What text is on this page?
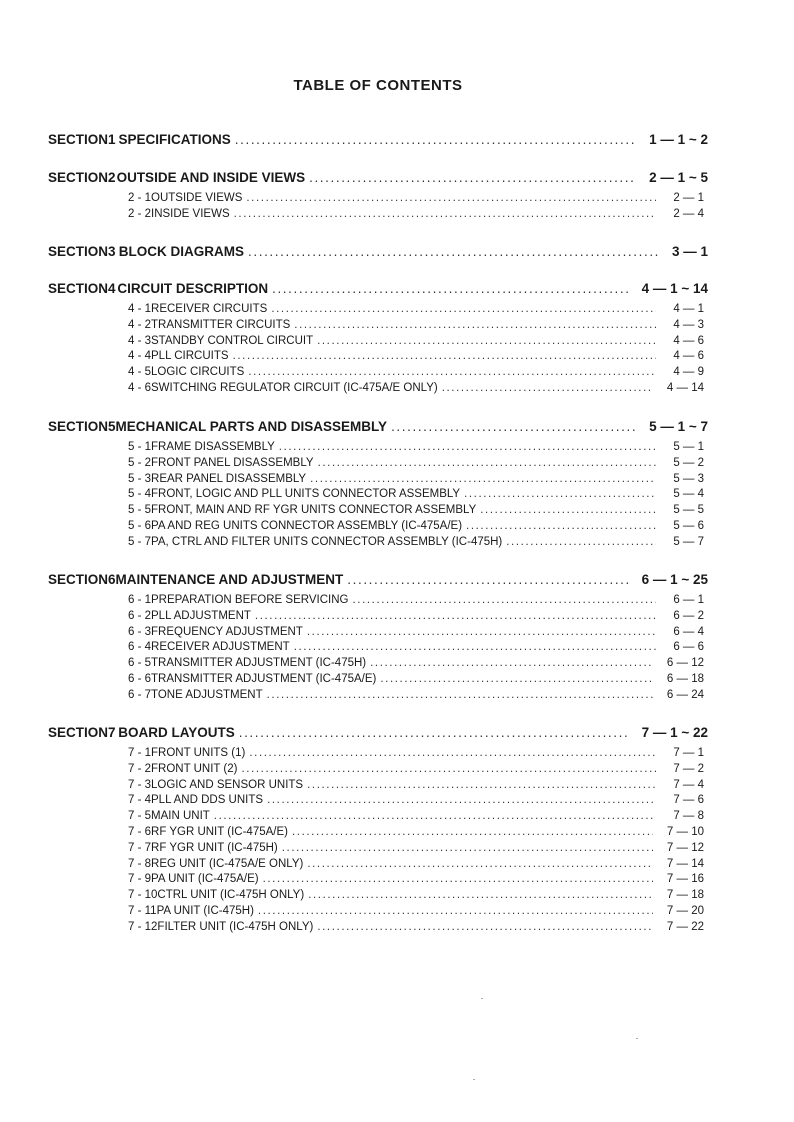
TABLE OF CONTENTS
SECTION 1 SPECIFICATIONS .....	1 — 1 ~ 2
SECTION 2 OUTSIDE AND INSIDE VIEWS .....	2 — 1 ~ 5
2 - 1 OUTSIDE VIEWS .....	2 — 1
2 - 2 INSIDE VIEWS .....	2 — 4
SECTION 3 BLOCK DIAGRAMS .....	3 — 1
SECTION 4 CIRCUIT DESCRIPTION .....	4 — 1 ~ 14
4 - 1 RECEIVER CIRCUITS .....	4 — 1
4 - 2 TRANSMITTER CIRCUITS .....	4 — 3
4 - 3 STANDBY CONTROL CIRCUIT .....	4 — 6
4 - 4 PLL CIRCUITS .....	4 — 6
4 - 5 LOGIC CIRCUITS .....	4 — 9
4 - 6 SWITCHING REGULATOR CIRCUIT (IC-475A/E ONLY) .....	4 — 14
SECTION 5 MECHANICAL PARTS AND DISASSEMBLY .....	5 — 1 ~ 7
5 - 1 FRAME DISASSEMBLY .....	5 — 1
5 - 2 FRONT PANEL DISASSEMBLY .....	5 — 2
5 - 3 REAR PANEL DISASSEMBLY .....	5 — 3
5 - 4 FRONT, LOGIC AND PLL UNITS CONNECTOR ASSEMBLY .....	5 — 4
5 - 5 FRONT, MAIN AND RF YGR UNITS CONNECTOR ASSEMBLY .....	5 — 5
5 - 6 PA AND REG UNITS CONNECTOR ASSEMBLY (IC-475A/E) .....	5 — 6
5 - 7 PA, CTRL AND FILTER UNITS CONNECTOR ASSEMBLY (IC-475H) .....	5 — 7
SECTION 6 MAINTENANCE AND ADJUSTMENT .....	6 — 1 ~ 25
6 - 1 PREPARATION BEFORE SERVICING .....	6 — 1
6 - 2 PLL ADJUSTMENT .....	6 — 2
6 - 3 FREQUENCY ADJUSTMENT .....	6 — 4
6 - 4 RECEIVER ADJUSTMENT .....	6 — 6
6 - 5 TRANSMITTER ADJUSTMENT (IC-475H) .....	6 — 12
6 - 6 TRANSMITTER ADJUSTMENT (IC-475A/E) .....	6 — 18
6 - 7 TONE ADJUSTMENT .....	6 — 24
SECTION 7 BOARD LAYOUTS .....	7 — 1 ~ 22
7 - 1 FRONT UNITS (1) .....	7 — 1
7 - 2 FRONT UNIT (2) .....	7 — 2
7 - 3 LOGIC AND SENSOR UNITS .....	7 — 4
7 - 4 PLL AND DDS UNITS .....	7 — 6
7 - 5 MAIN UNIT .....	7 — 8
7 - 6 RF YGR UNIT (IC-475A/E) .....	7 — 10
7 - 7 RF YGR UNIT (IC-475H) .....	7 — 12
7 - 8 REG UNIT (IC-475A/E ONLY) .....	7 — 14
7 - 9 PA UNIT (IC-475A/E) .....	7 — 16
7 - 10 CTRL UNIT (IC-475H ONLY) .....	7 — 18
7 - 11 PA UNIT (IC-475H) .....	7 — 20
7 - 12 FILTER UNIT (IC-475H ONLY) .....	7 — 22
